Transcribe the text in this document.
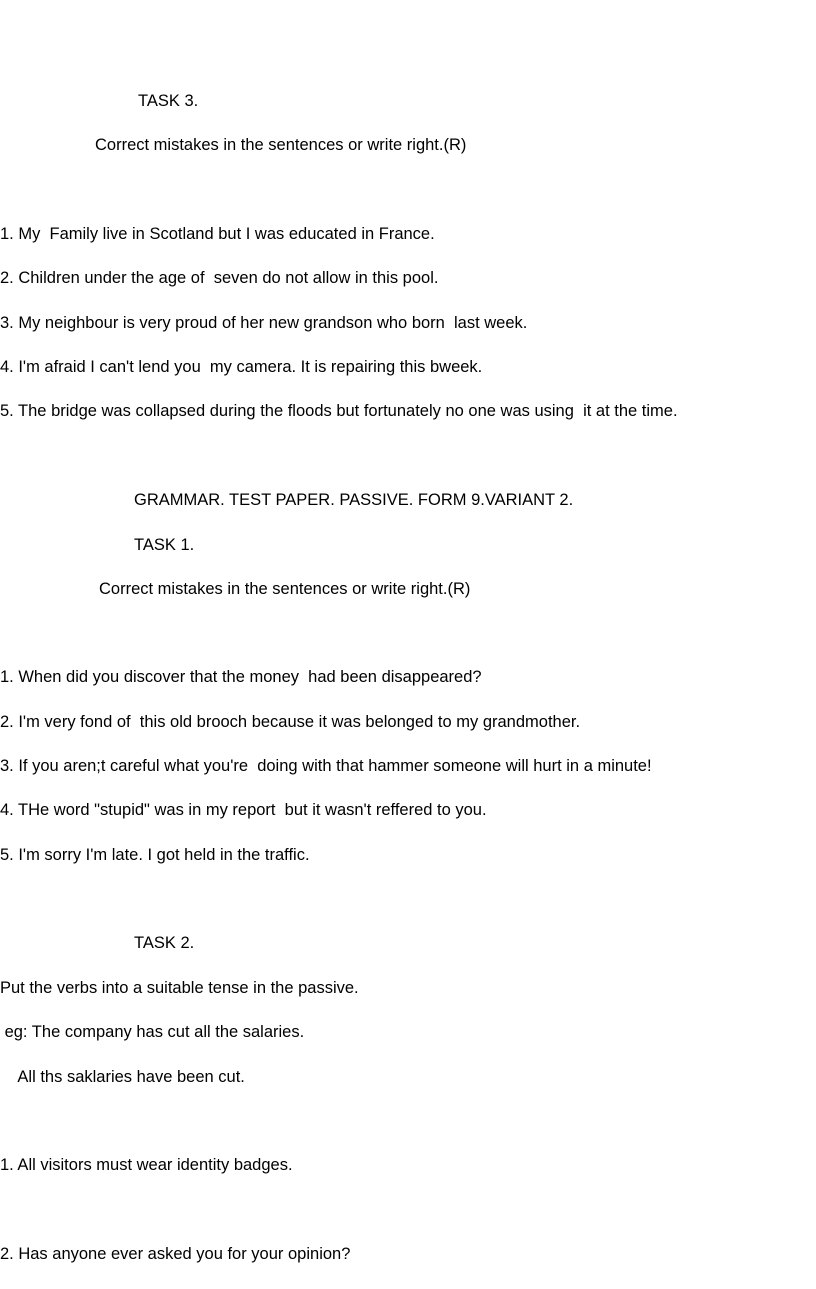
TASK 3.

Correct mistakes in the sentences or write right.(R)

1. My  Family live in Scotland but I was educated in France.

2. Children under the age of  seven do not allow in this pool.

3. My neighbour is very proud of her new grandson who born  last week.

4. I'm afraid I can't lend you  my camera. It is repairing this bweek.

5. The bridge was collapsed during the floods but fortunately no one was using  it at the time.

GRAMMAR. TEST PAPER. PASSIVE. FORM 9.VARIANT 2.

TASK 1.

Correct mistakes in the sentences or write right.(R)

1. When did you discover that the money  had been disappeared?

2. I'm very fond of  this old brooch because it was belonged to my grandmother.

3. If you aren;t careful what you're  doing with that hammer someone will hurt in a minute!

4. THe word "stupid" was in my report  but it wasn't reffered to you.

5. I'm sorry I'm late. I got held in the traffic.

TASK 2.

Put the verbs into a suitable tense in the passive.

eg: The company has cut all the salaries.

All ths saklaries have been cut.

1. All visitors must wear identity badges.

2. Has anyone ever asked you for your opinion?
